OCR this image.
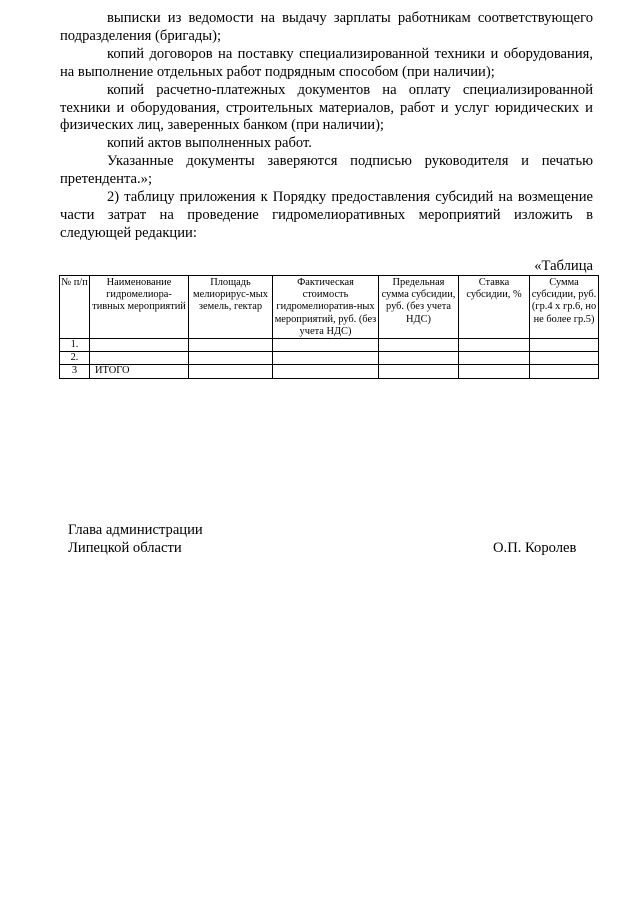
выписки из ведомости на выдачу зарплаты работникам соответствующего подразделения (бригады);

копий договоров на поставку специализированной техники и оборудования, на выполнение отдельных работ подрядным способом (при наличии);

копий расчетно-платежных документов на оплату специализированной техники и оборудования, строительных материалов, работ и услуг юридических и физических лиц, заверенных банком (при наличии);

копий актов выполненных работ.

Указанные документы заверяются подписью руководителя и печатью претендента.»;

2) таблицу приложения к Порядку предоставления субсидий на возмещение части затрат на проведение гидромелиоративных мероприятий изложить в следующей редакции:

«Таблица
№ п/п	Наименование гидромелиора-тивных мероприятий	Площадь мелиорирус-мых земель, гектар	Фактическая стоимость гидромелиоратив-ных мероприятий, руб. (без учета НДС)	Предельная сумма субсидии, руб. (без учета НДС)	Ставка субсидии, %	Сумма субсидии, руб. (гр.4 х гр.6, но не более гр.5)
1.						
2.						
3	ИТОГО					
Глава администрации
Липецкой области	О.П. Королев
